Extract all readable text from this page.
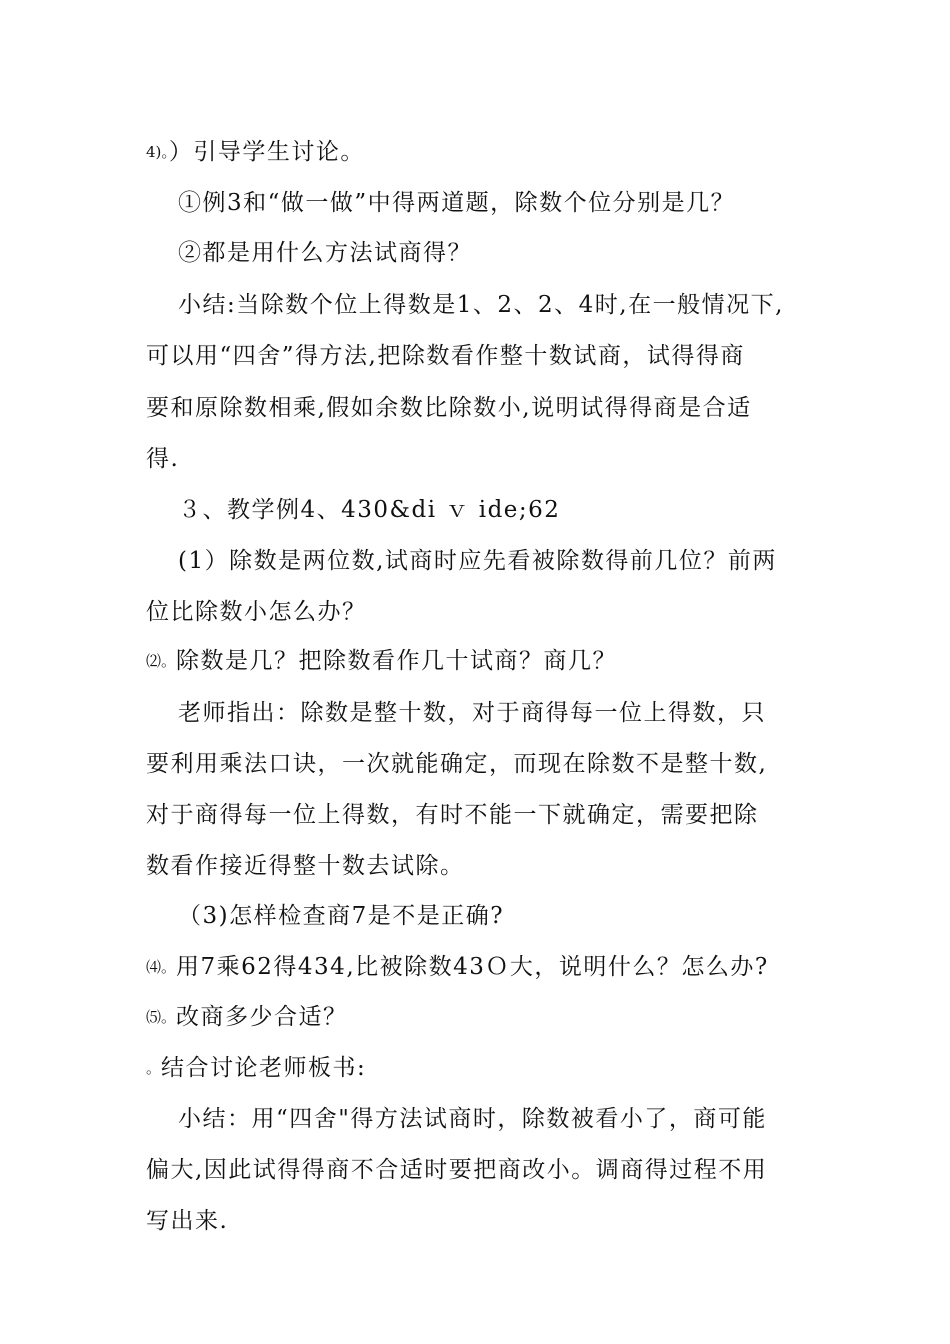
4)。）引导学生讨论。
①例3和“做一做”中得两道题，除数个位分别是几？
②都是用什么方法试商得？
小结:当除数个位上得数是1、2、2、4时,在一般情况下,
可以用“四舍”得方法,把除数看作整十数试商，试得得商
要和原除数相乘,假如余数比除数小,说明试得得商是合适
得.
３、教学例4、430&di ｖ ide;62
(1）除数是两位数,试商时应先看被除数得前几位？前两
位比除数小怎么办？
⑵。除数是几？把除数看作几十试商？商几？
老师指出：除数是整十数，对于商得每一位上得数，只
要利用乘法口诀，一次就能确定，而现在除数不是整十数,
对于商得每一位上得数，有时不能一下就确定，需要把除
数看作接近得整十数去试除。
（3)怎样检查商7是不是正确?
⑷。用7乘62得434,比被除数43Ｏ大，说明什么？怎么办?
⑸。改商多少合适？
。结合讨论老师板书:
小结：用“四舍"得方法试商时，除数被看小了，商可能
偏大,因此试得得商不合适时要把商改小。调商得过程不用
写出来.
